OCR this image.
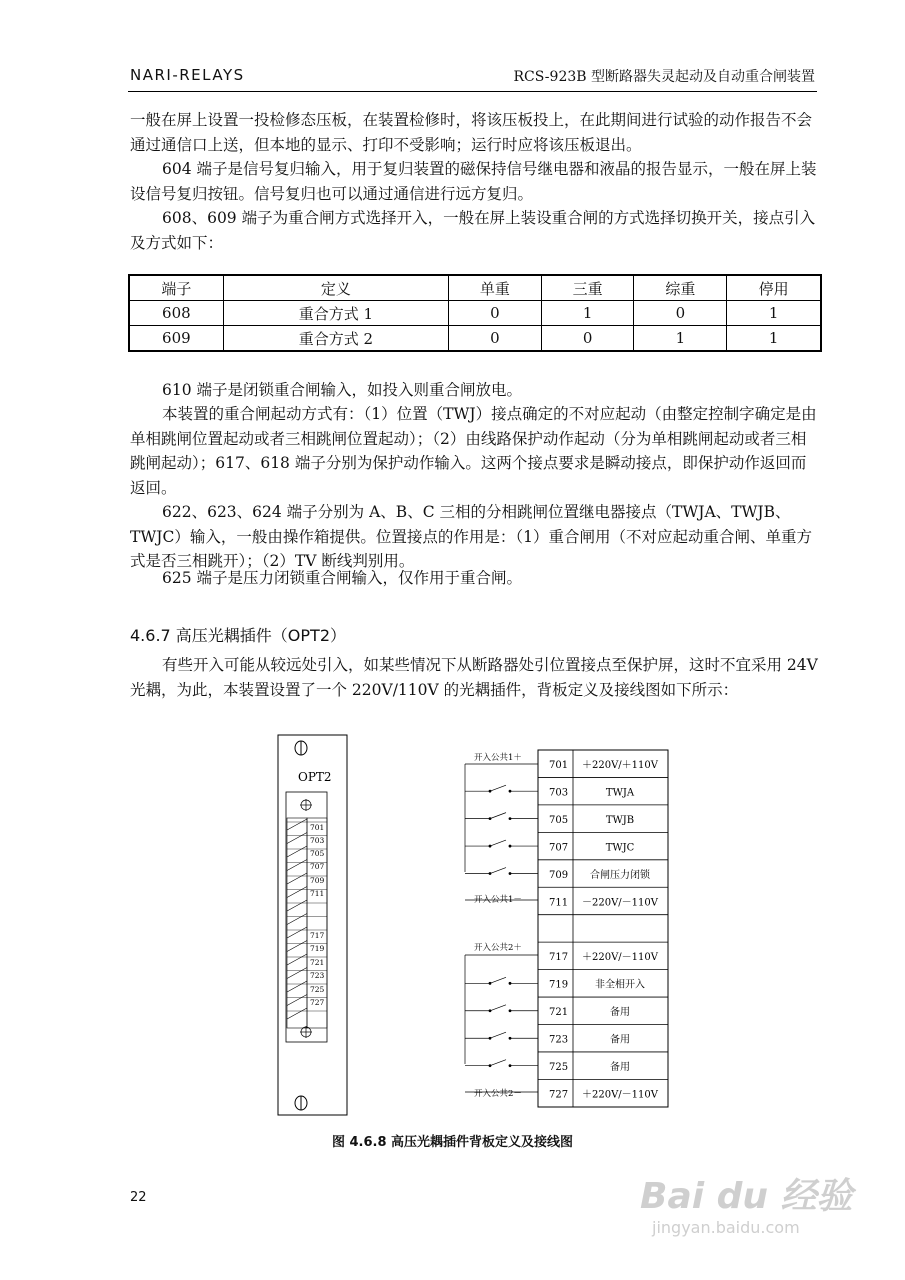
NARI-RELAYS	RCS-923B 型断路器失灵起动及自动重合闸装置

一般在屏上设置一投检修态压板，在装置检修时，将该压板投上，在此期间进行试验的动作报告不会通过通信口上送，但本地的显示、打印不受影响；运行时应将该压板退出。

604 端子是信号复归输入，用于复归装置的磁保持信号继电器和液晶的报告显示，一般在屏上装设信号复归按钮。信号复归也可以通过通信进行远方复归。

608、609 端子为重合闸方式选择开入，一般在屏上装设重合闸的方式选择切换开关，接点引入及方式如下：

端子	定义	单重	三重	综重	停用
608	重合方式 1	0	1	0	1
609	重合方式 2	0	0	1	1

610 端子是闭锁重合闸输入，如投入则重合闸放电。

本装置的重合闸起动方式有：（1）位置（TWJ）接点确定的不对应起动（由整定控制字确定是由单相跳闸位置起动或者三相跳闸位置起动）；（2）由线路保护动作起动（分为单相跳闸起动或者三相跳闸起动）；617、618 端子分别为保护动作输入。这两个接点要求是瞬动接点，即保护动作返回而返回。

622、623、624 端子分别为 A、B、C 三相的分相跳闸位置继电器接点（TWJA、TWJB、TWJC）输入，一般由操作箱提供。位置接点的作用是：（1）重合闸用（不对应起动重合闸、单重方式是否三相跳开）；（2）TV 断线判别用。

625 端子是压力闭锁重合闸输入，仅作用于重合闸。

4.6.7 高压光耦插件（OPT2）

有些开入可能从较远处引入，如某些情况下从断路器处引位置接点至保护屏，这时不宜采用 24V 光耦，为此，本装置设置了一个 220V/110V 的光耦插件，背板定义及接线图如下所示：

OPT2
701
703
705
707
709
711
717
719
721
723
725
727
701 ＋220V/＋110V
703	TWJA
705	TWJB
707	TWJC
709 合闸压力闭锁
711 －220V/－110V
717 ＋220V/－110V
719	非全相开入
721	备用
723	备用
725	备用
727 ＋220V/－110V
开入公共1＋
开入公共1－
开入公共2＋
开入公共2－
图 4.6.8 高压光耦插件背板定义及接线图
22	Bai du 经验
jingyan.baidu.com
